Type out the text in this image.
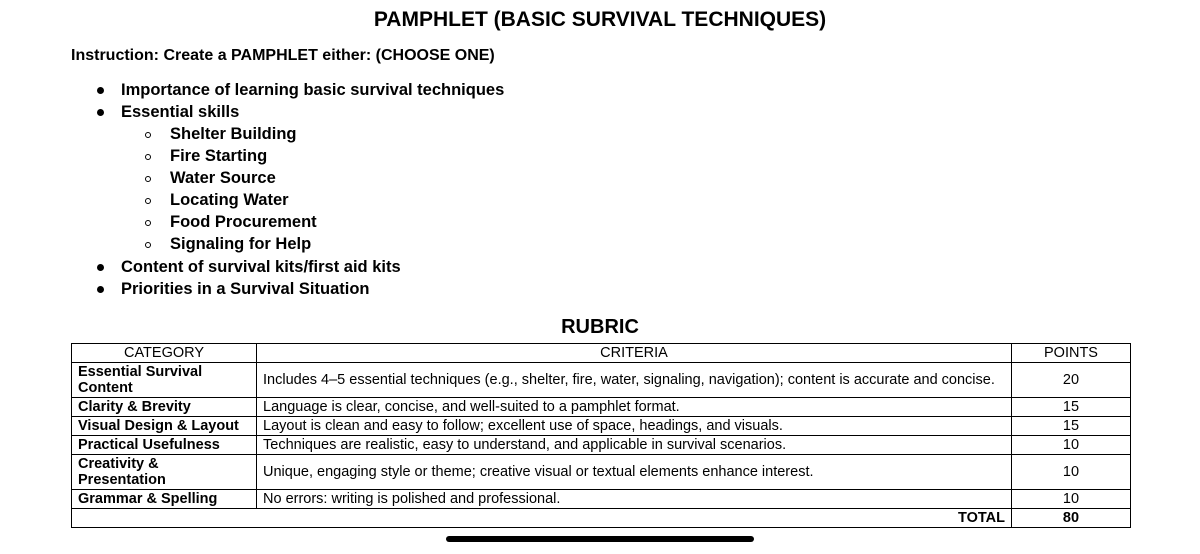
PAMPHLET (BASIC SURVIVAL TECHNIQUES)
Instruction: Create a PAMPHLET either: (CHOOSE ONE)
Importance of learning basic survival techniques
Essential skills
Shelter Building
Fire Starting
Water Source
Locating Water
Food Procurement
Signaling for Help
Content of survival kits/first aid kits
Priorities in a Survival Situation
RUBRIC
CATEGORY	CRITERIA	POINTS
Essential Survival Content	Includes 4–5 essential techniques (e.g., shelter, fire, water, signaling, navigation); content is accurate and concise.	20
Clarity & Brevity	Language is clear, concise, and well-suited to a pamphlet format.	15
Visual Design & Layout	Layout is clean and easy to follow; excellent use of space, headings, and visuals.	15
Practical Usefulness	Techniques are realistic, easy to understand, and applicable in survival scenarios.	10
Creativity & Presentation	Unique, engaging style or theme; creative visual or textual elements enhance interest.	10
Grammar & Spelling	No errors: writing is polished and professional.	10
TOTAL		80
